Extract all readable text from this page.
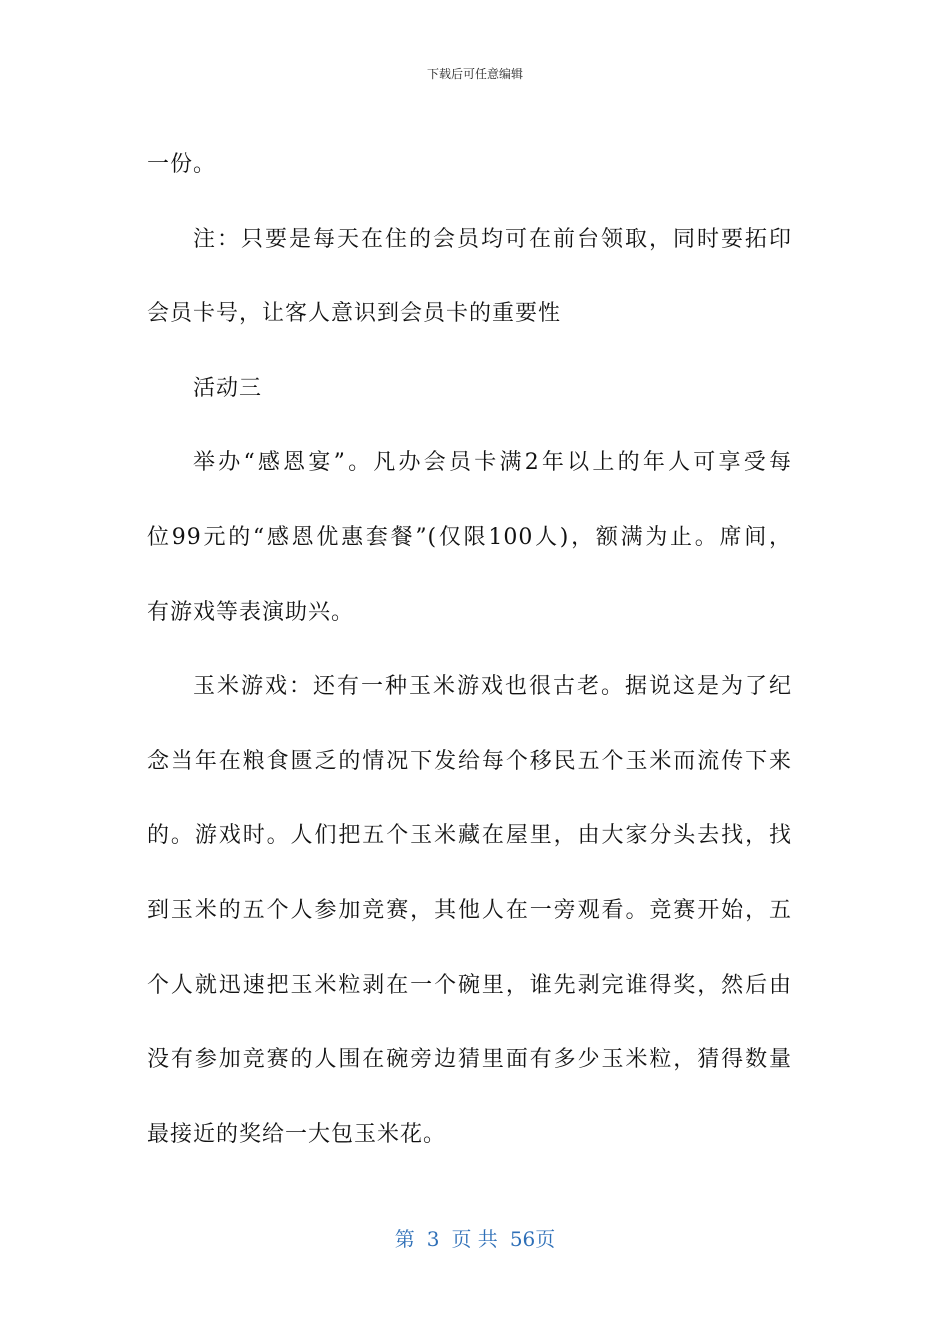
下载后可任意编辑
一份。
注：只要是每天在住的会员均可在前台领取，同时要拓印
会员卡号，让客人意识到会员卡的重要性
活动三
举办“感恩宴”。凡办会员卡满2年以上的年人可享受每
位99元的“感恩优惠套餐”(仅限100人)，额满为止。席间，
有游戏等表演助兴。
玉米游戏：还有一种玉米游戏也很古老。据说这是为了纪
念当年在粮食匮乏的情况下发给每个移民五个玉米而流传下来
的。游戏时。人们把五个玉米藏在屋里，由大家分头去找，找
到玉米的五个人参加竞赛，其他人在一旁观看。竞赛开始，五
个人就迅速把玉米粒剥在一个碗里，谁先剥完谁得奖，然后由
没有参加竞赛的人围在碗旁边猜里面有多少玉米粒，猜得数量
最接近的奖给一大包玉米花。
第 3 页 共 56页
